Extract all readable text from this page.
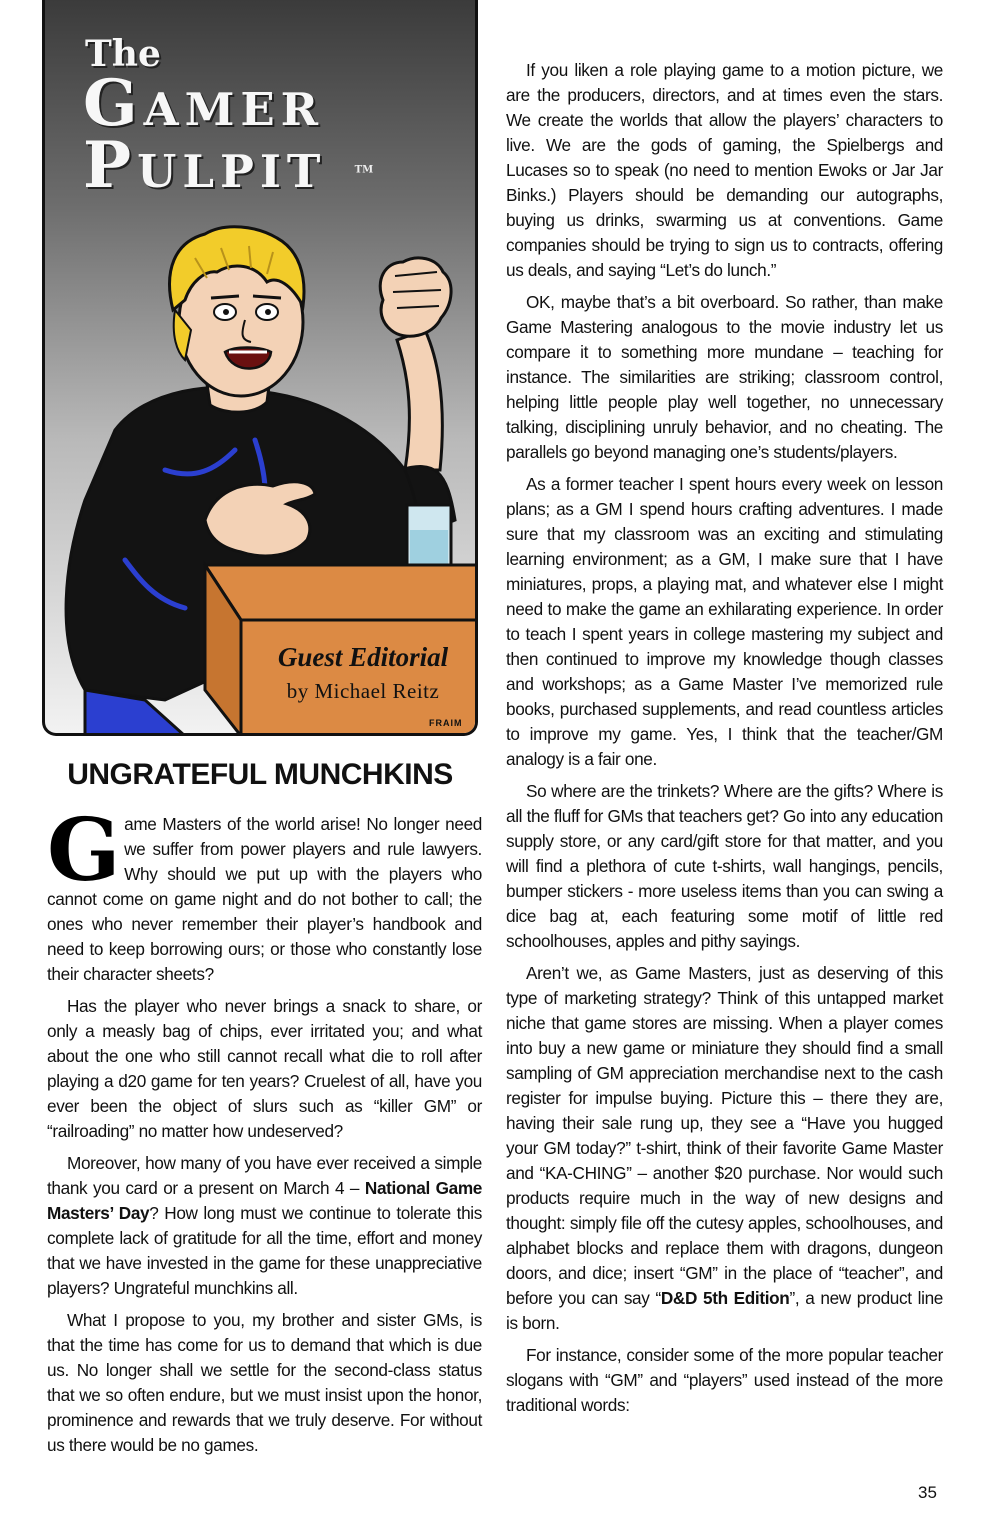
The
Gamer
Pulpit	TM
Guest Editorial
by Michael Reitz
FRAIM
UNGRATEFUL MUNCHKINS

Game Masters of the world arise! No longer need we suffer from power players and rule lawyers. Why should we put up with the players who cannot come on game night and do not bother to call; the ones who never remember their player’s handbook and need to keep borrowing ours; or those who constantly lose their character sheets?

Has the player who never brings a snack to share, or only a measly bag of chips, ever irritated you; and what about the one who still cannot recall what die to roll after playing a d20 game for ten years? Cruelest of all, have you ever been the object of slurs such as “killer GM” or “railroading” no matter how undeserved?

Moreover, how many of you have ever received a simple thank you card or a present on March 4 – National Game Masters’ Day? How long must we continue to tolerate this complete lack of gratitude for all the time, effort and money that we have invested in the game for these unappreciative players? Ungrateful munchkins all.

What I propose to you, my brother and sister GMs, is that the time has come for us to demand that which is due us. No longer shall we settle for the second-class status that we so often endure, but we must insist upon the honor, prominence and rewards that we truly deserve. For without us there would be no games.

If you liken a role playing game to a motion picture, we are the producers, directors, and at times even the stars. We create the worlds that allow the players’ characters to live. We are the gods of gaming, the Spielbergs and Lucases so to speak (no need to mention Ewoks or Jar Jar Binks.) Players should be demanding our autographs, buying us drinks, swarming us at conventions. Game companies should be trying to sign us to contracts, offering us deals, and saying “Let’s do lunch.”

OK, maybe that’s a bit overboard. So rather, than make Game Mastering analogous to the movie industry let us compare it to something more mundane – teaching for instance. The similarities are striking; classroom control, helping little people play well together, no unnecessary talking, disciplining unruly behavior, and no cheating. The parallels go beyond managing one’s students/players.

As a former teacher I spent hours every week on lesson plans; as a GM I spend hours crafting adventures. I made sure that my classroom was an exciting and stimulating learning environment; as a GM, I make sure that I have miniatures, props, a playing mat, and whatever else I might need to make the game an exhilarating experience. In order to teach I spent years in college mastering my subject and then continued to improve my knowledge though classes and workshops; as a Game Master I’ve memorized rule books, purchased supplements, and read countless articles to improve my game. Yes, I think that the teacher/GM analogy is a fair one.

So where are the trinkets? Where are the gifts? Where is all the fluff for GMs that teachers get? Go into any education supply store, or any card/gift store for that matter, and you will find a plethora of cute t-shirts, wall hangings, pencils, bumper stickers - more useless items than you can swing a dice bag at, each featuring some motif of little red schoolhouses, apples and pithy sayings.

Aren’t we, as Game Masters, just as deserving of this type of marketing strategy? Think of this untapped market niche that game stores are missing. When a player comes into buy a new game or miniature they should find a small sampling of GM appreciation merchandise next to the cash register for impulse buying. Picture this – there they are, having their sale rung up, they see a “Have you hugged your GM today?” t-shirt, think of their favorite Game Master and “KA-CHING” – another $20 purchase. Nor would such products require much in the way of new designs and thought: simply file off the cutesy apples, schoolhouses, and alphabet blocks and replace them with dragons, dungeon doors, and dice; insert “GM” in the place of “teacher”, and before you can say “D&D 5th Edition”, a new product line is born.

For instance, consider some of the more popular teacher slogans with “GM” and “players” used instead of the more traditional words:

35
